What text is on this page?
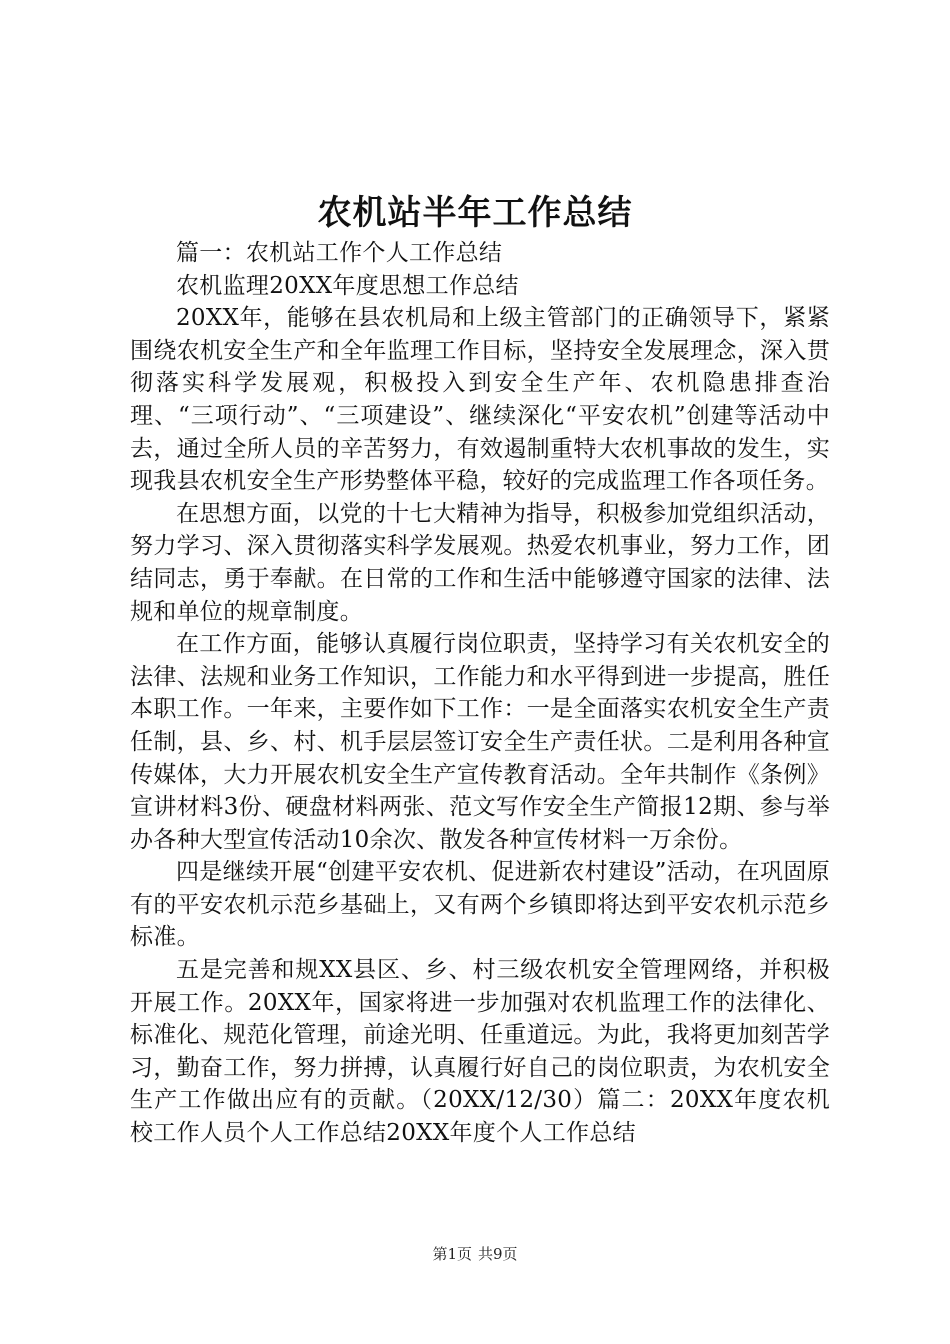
农机站半年工作总结

篇一：农机站工作个人工作总结

农机监理20XX年度思想工作总结

20XX年，能够在县农机局和上级主管部门的正确领导下，紧紧围绕农机安全生产和全年监理工作目标，坚持安全发展理念，深入贯彻落实科学发展观，积极投入到安全生产年、农机隐患排查治理、“三项行动”、“三项建设”、继续深化“平安农机”创建等活动中去，通过全所人员的辛苦努力，有效遏制重特大农机事故的发生，实现我县农机安全生产形势整体平稳，较好的完成监理工作各项任务。

在思想方面，以党的十七大精神为指导，积极参加党组织活动，努力学习、深入贯彻落实科学发展观。热爱农机事业，努力工作，团结同志，勇于奉献。在日常的工作和生活中能够遵守国家的法律、法规和单位的规章制度。

在工作方面，能够认真履行岗位职责，坚持学习有关农机安全的法律、法规和业务工作知识，工作能力和水平得到进一步提高，胜任本职工作。一年来，主要作如下工作：一是全面落实农机安全生产责任制，县、乡、村、机手层层签订安全生产责任状。二是利用各种宣传媒体，大力开展农机安全生产宣传教育活动。全年共制作《条例》宣讲材料3份、硬盘材料两张、范文写作安全生产简报12期、参与举办各种大型宣传活动10余次、散发各种宣传材料一万余份。

四是继续开展“创建平安农机、促进新农村建设”活动，在巩固原有的平安农机示范乡基础上，又有两个乡镇即将达到平安农机示范乡标准。

五是完善和规XX县区、乡、村三级农机安全管理网络，并积极开展工作。20XX年，国家将进一步加强对农机监理工作的法律化、标准化、规范化管理，前途光明、任重道远。为此，我将更加刻苦学习，勤奋工作，努力拼搏，认真履行好自己的岗位职责，为农机安全生产工作做出应有的贡献。（20XX/12/30）篇二：20XX年度农机校工作人员个人工作总结20XX年度个人工作总结

第1页 共9页
